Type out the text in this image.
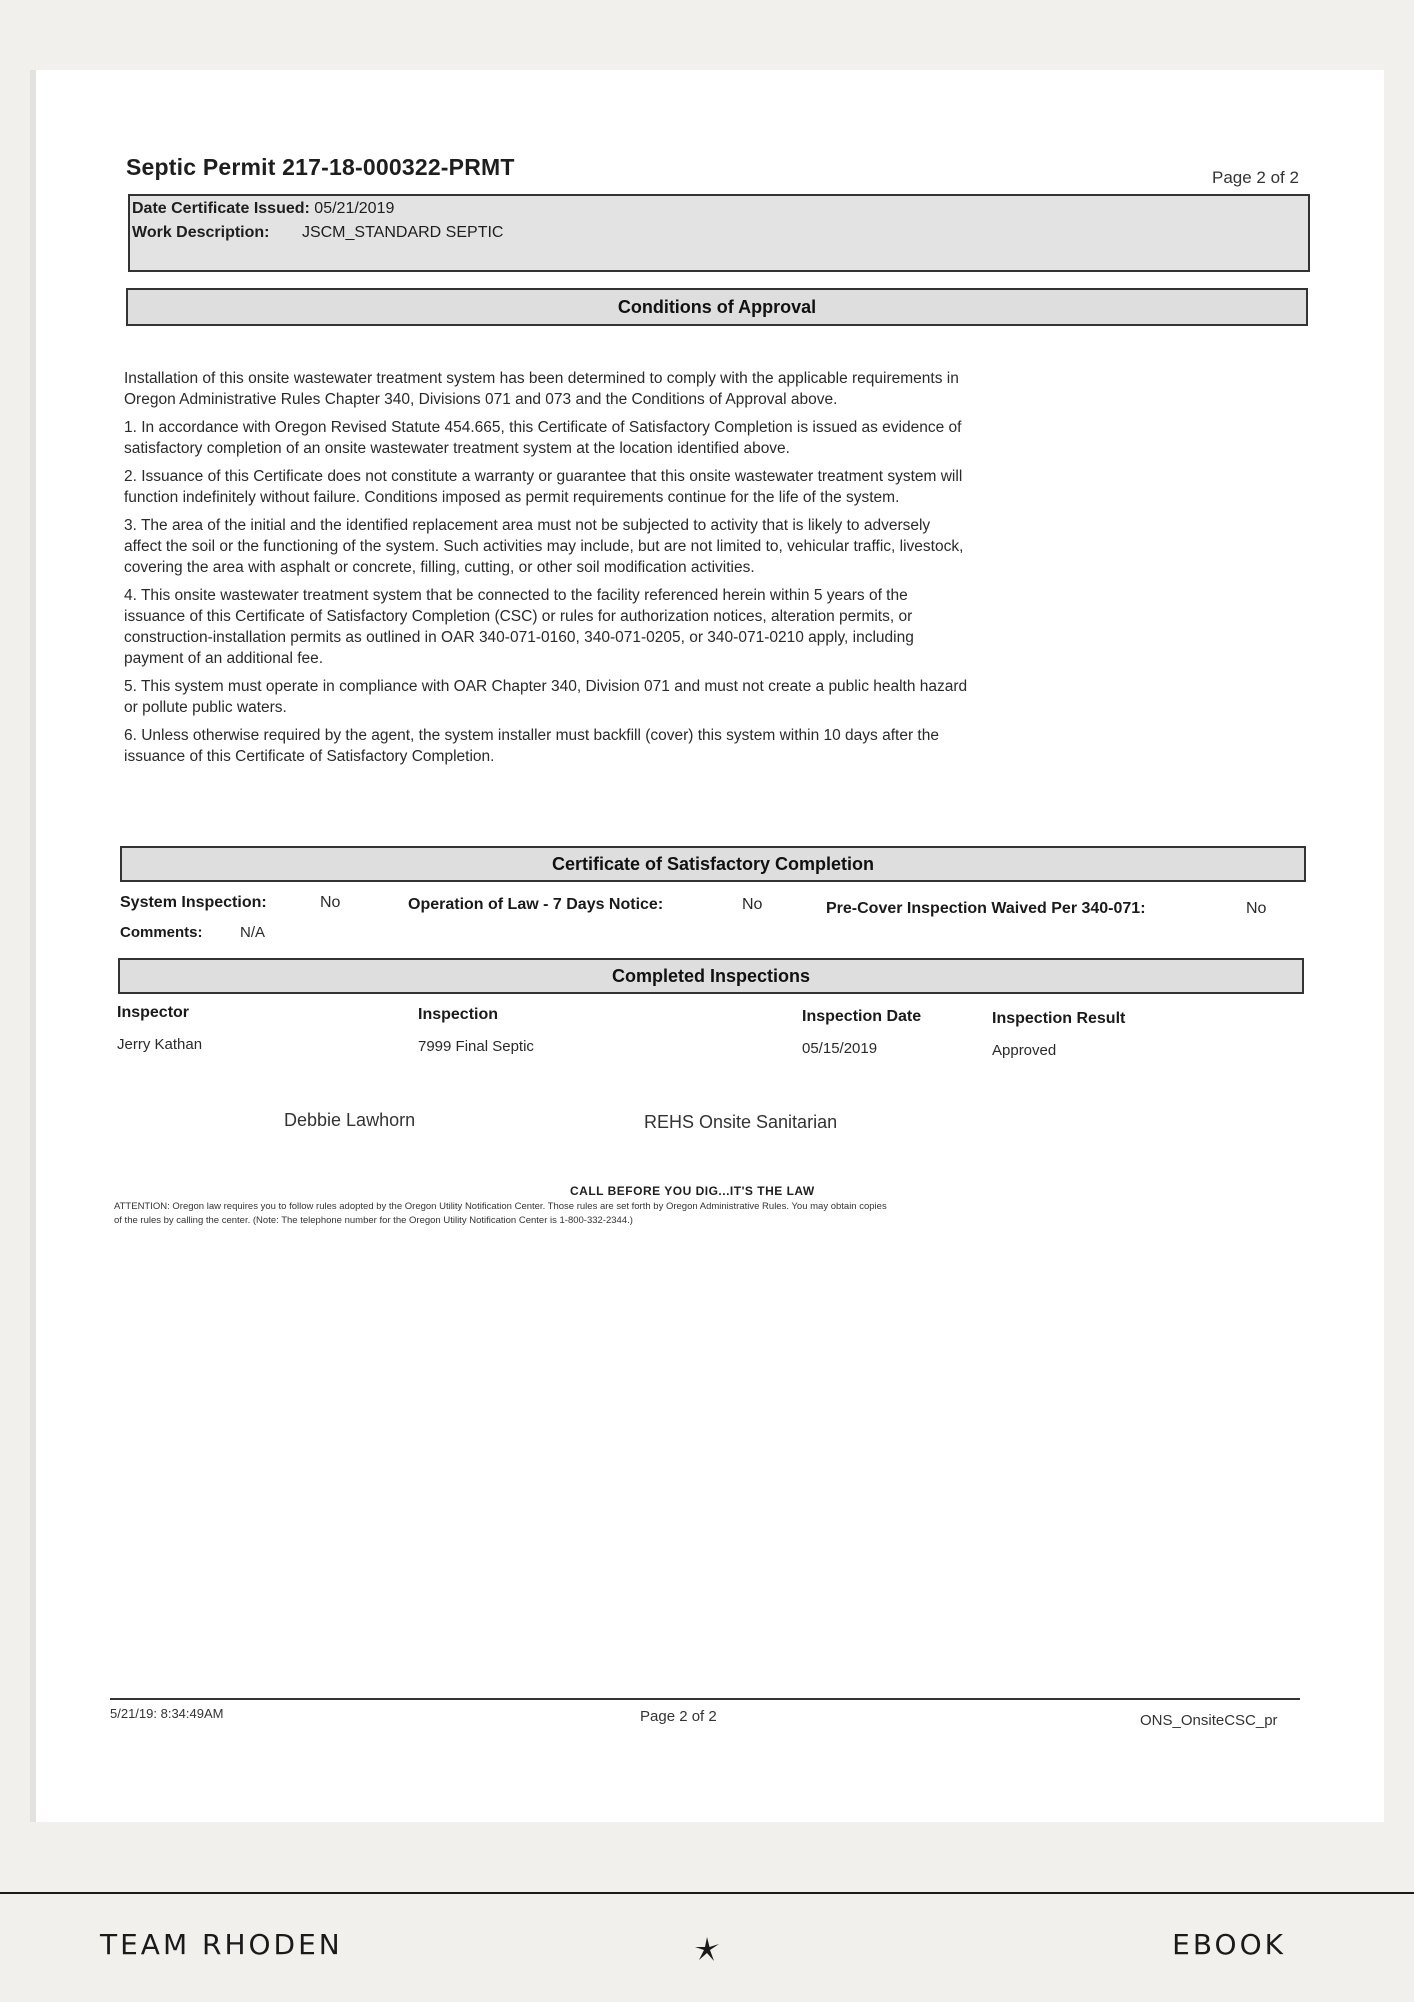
Septic Permit 217-18-000322-PRMT	Page 2 of 2
Date Certificate Issued: 05/21/2019
Work Description: JSCM_STANDARD SEPTIC
Conditions of Approval
Installation of this onsite wastewater treatment system has been determined to comply with the applicable requirements in
Oregon Administrative Rules Chapter 340, Divisions 071 and 073 and the Conditions of Approval above.
1. In accordance with Oregon Revised Statute 454.665, this Certificate of Satisfactory Completion is issued as evidence of
satisfactory completion of an onsite wastewater treatment system at the location identified above.
2. Issuance of this Certificate does not constitute a warranty or guarantee that this onsite wastewater treatment system will
function indefinitely without failure. Conditions imposed as permit requirements continue for the life of the system.
3. The area of the initial and the identified replacement area must not be subjected to activity that is likely to adversely
affect the soil or the functioning of the system. Such activities may include, but are not limited to, vehicular traffic, livestock,
covering the area with asphalt or concrete, filling, cutting, or other soil modification activities.
4. This onsite wastewater treatment system that be connected to the facility referenced herein within 5 years of the
issuance of this Certificate of Satisfactory Completion (CSC) or rules for authorization notices, alteration permits, or
construction-installation permits as outlined in OAR 340-071-0160, 340-071-0205, or 340-071-0210 apply, including
payment of an additional fee.
5. This system must operate in compliance with OAR Chapter 340, Division 071 and must not create a public health hazard
or pollute public waters.
6. Unless otherwise required by the agent, the system installer must backfill (cover) this system within 10 days after the
issuance of this Certificate of Satisfactory Completion.
Certificate of Satisfactory Completion
System Inspection:	No	Operation of Law - 7 Days Notice:	No	Pre-Cover Inspection Waived Per 340-071:	No
Comments: N/A
Completed Inspections
Inspector	Inspection	Inspection Date	Inspection Result
Jerry Kathan	7999 Final Septic	05/15/2019	Approved
Debbie Lawhorn	REHS Onsite Sanitarian
CALL BEFORE YOU DIG...IT'S THE LAW
ATTENTION: Oregon law requires you to follow rules adopted by the Oregon Utility Notification Center. Those rules are set forth by Oregon Administrative Rules. You may obtain copies
of the rules by calling the center. (Note: The telephone number for the Oregon Utility Notification Center is 1-800-332-2344.)
5/21/19: 8:34:49AM	Page 2 of 2	ONS_OnsiteCSC_pr
TEAM RHODEN	EBOOK
